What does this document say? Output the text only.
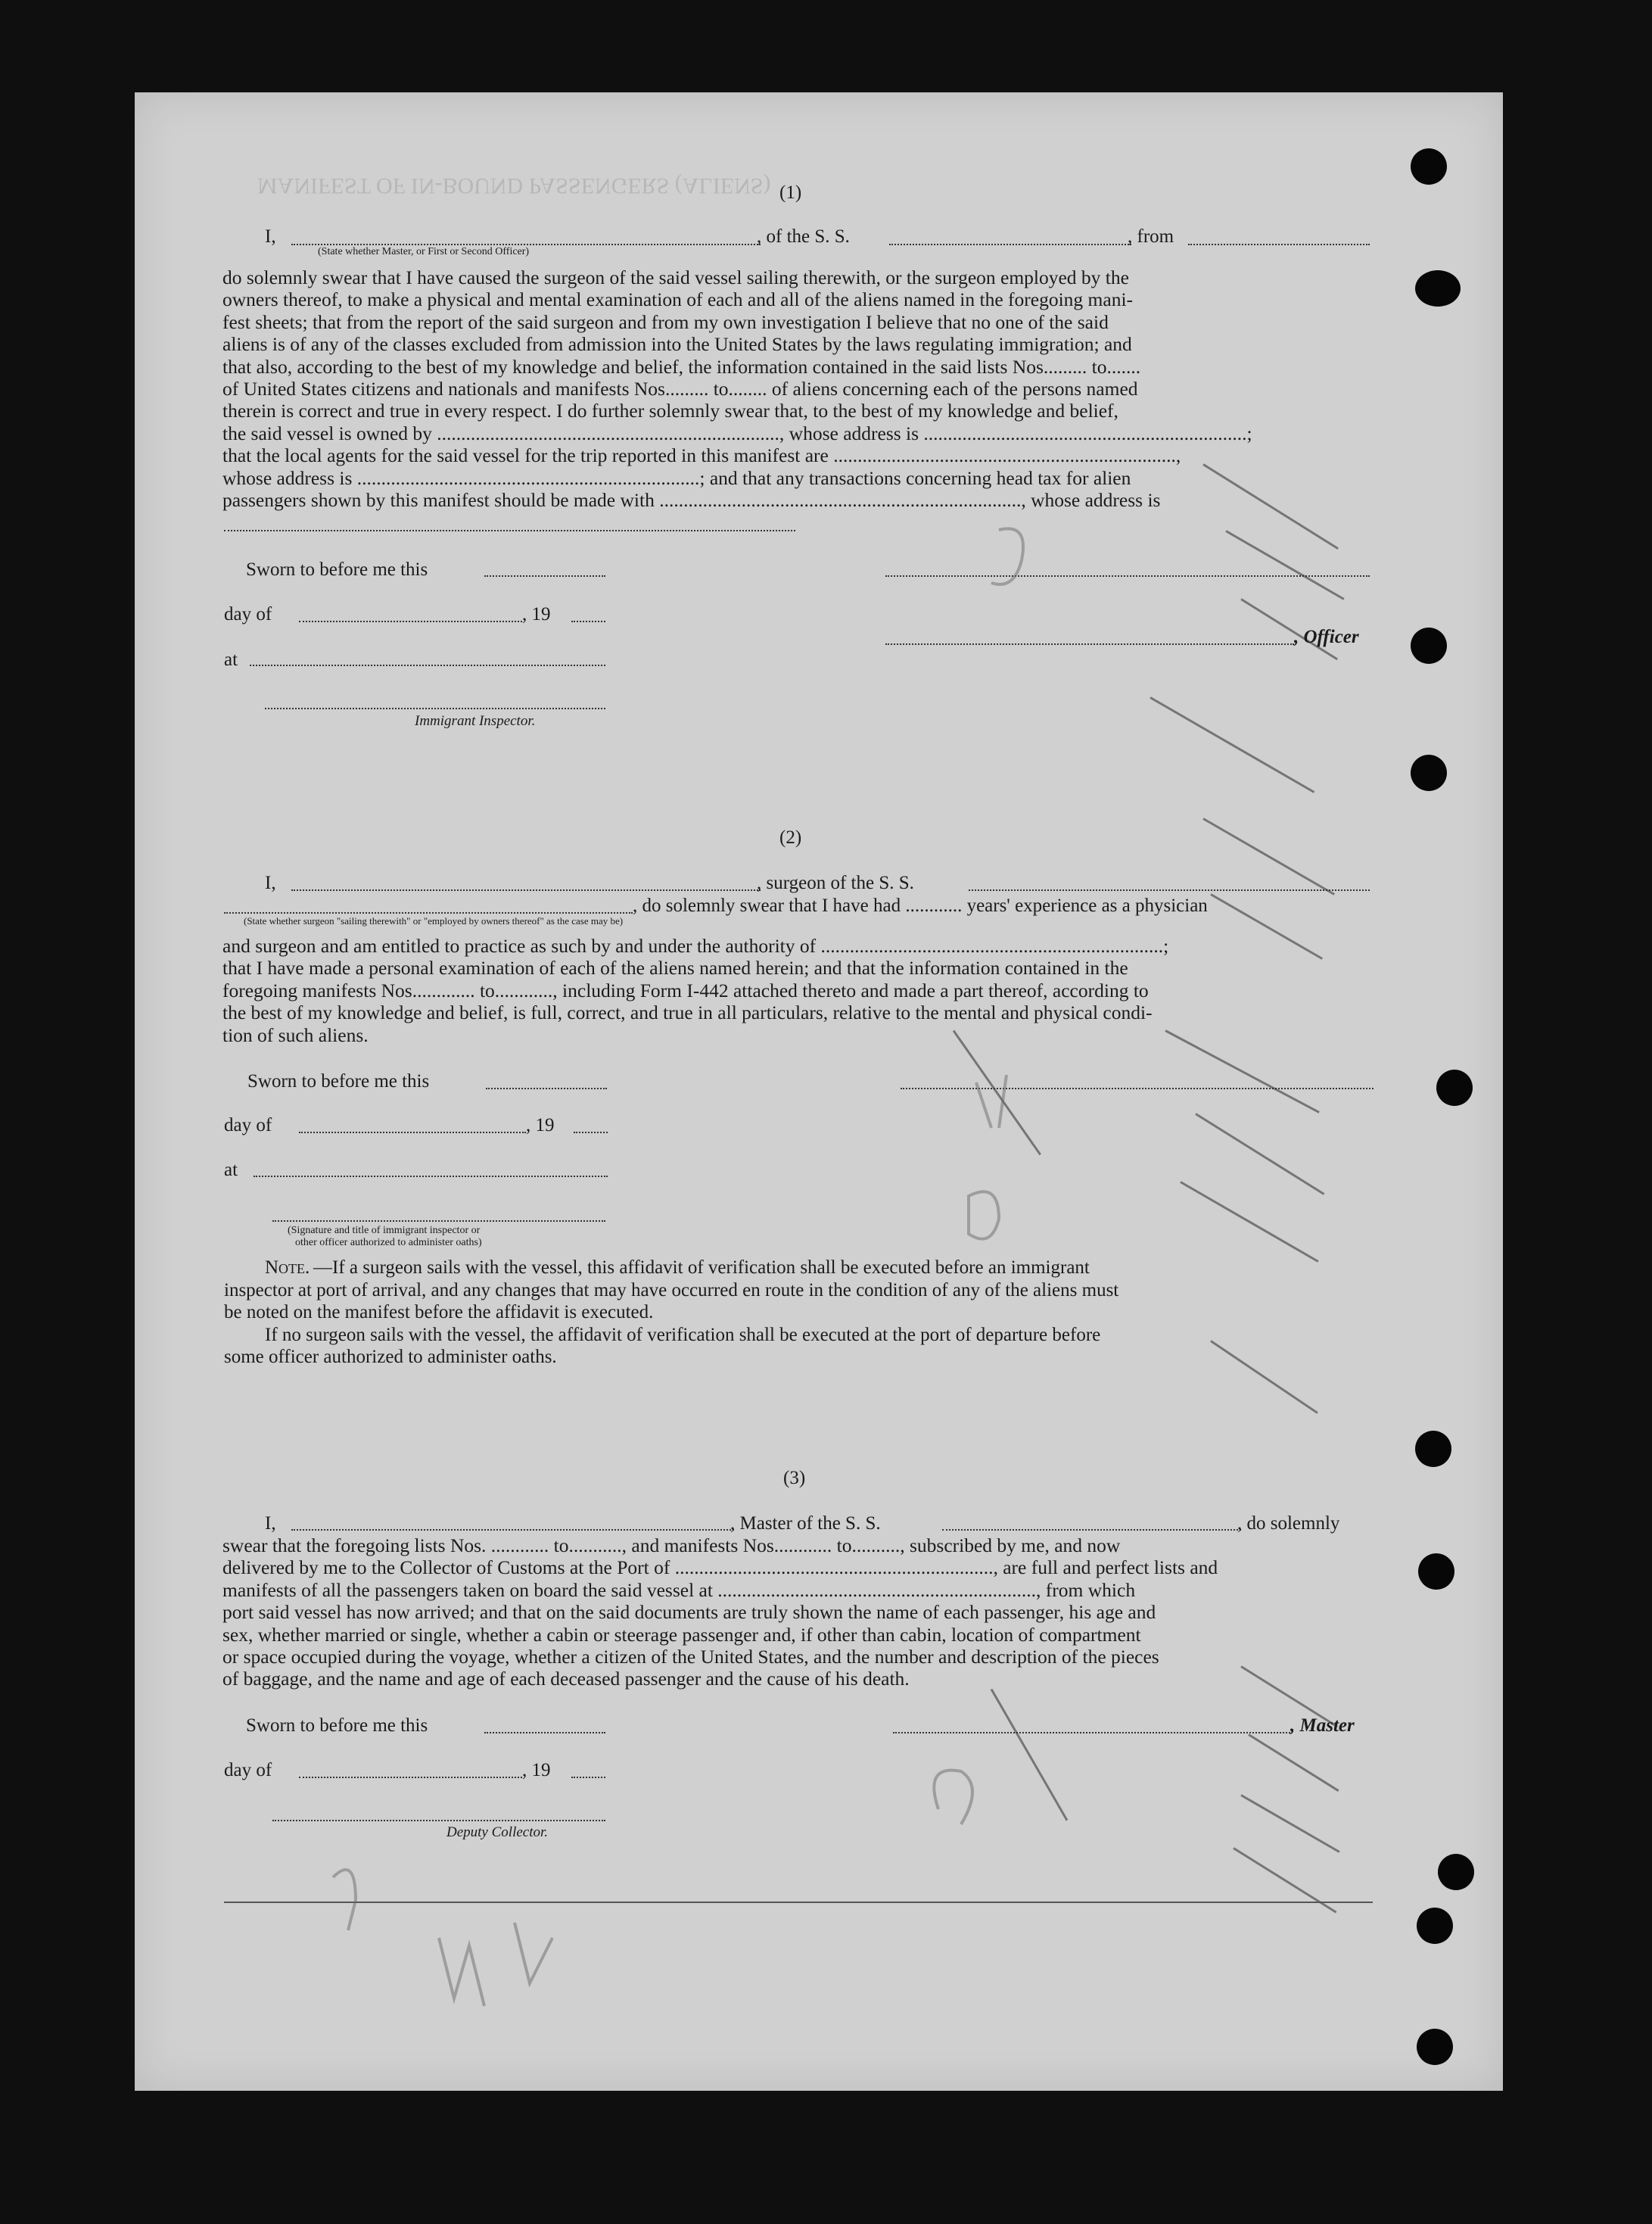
MANIFEST OF IN-BOUND PASSENGERS (ALIENS) (1)
I,	, of the S. S.	, from
(State whether Master, or First or Second Officer)
do solemnly swear that I have caused the surgeon of the said vessel sailing therewith, or the surgeon employed by the
owners thereof, to make a physical and mental examination of each and all of the aliens named in the foregoing mani-
fest sheets; that from the report of the said surgeon and from my own investigation I believe that no one of the said
aliens is of any of the classes excluded from admission into the United States by the laws regulating immigration; and
that also, according to the best of my knowledge and belief, the information contained in the said lists Nos......... to.......
of United States citizens and nationals and manifests Nos......... to........ of aliens concerning each of the persons named
therein is correct and true in every respect. I do further solemnly swear that, to the best of my knowledge and belief,
the said vessel is owned by ......................................................................., whose address is ...................................................................;
that the local agents for the said vessel for the trip reported in this manifest are .......................................................................,
whose address is .......................................................................; and that any transactions concerning head tax for alien
passengers shown by this manifest should be made with ..........................................................................., whose address is
Sworn to before me this
day of	, 19
, Officer
at
Immigrant Inspector.
(2)
I,	, surgeon of the S. S.
, do solemnly swear that I have had ............ years' experience as a physician
(State whether surgeon "sailing therewith" or "employed by owners thereof" as the case may be)
and surgeon and am entitled to practice as such by and under the authority of .......................................................................;
that I have made a personal examination of each of the aliens named herein; and that the information contained in the
foregoing manifests Nos............. to............, including Form I-442 attached thereto and made a part thereof, according to
the best of my knowledge and belief, is full, correct, and true in all particulars, relative to the mental and physical condi-
tion of such aliens.
Sworn to before me this
day of	, 19
at
(Signature and title of immigrant inspector or
other officer authorized to administer oaths)
Note. —If a surgeon sails with the vessel, this affidavit of verification shall be executed before an immigrant
inspector at port of arrival, and any changes that may have occurred en route in the condition of any of the aliens must
be noted on the manifest before the affidavit is executed.
If no surgeon sails with the vessel, the affidavit of verification shall be executed at the port of departure before
some officer authorized to administer oaths.
(3)
I,	, Master of the S. S.	, do solemnly
swear that the foregoing lists Nos. ............ to..........., and manifests Nos............ to.........., subscribed by me, and now
delivered by me to the Collector of Customs at the Port of .................................................................., are full and perfect lists and
manifests of all the passengers taken on board the said vessel at .................................................................., from which
port said vessel has now arrived; and that on the said documents are truly shown the name of each passenger, his age and
sex, whether married or single, whether a cabin or steerage passenger and, if other than cabin, location of compartment
or space occupied during the voyage, whether a citizen of the United States, and the number and description of the pieces
of baggage, and the name and age of each deceased passenger and the cause of his death.
Sworn to before me this	, Master
day of	, 19
Deputy Collector.
